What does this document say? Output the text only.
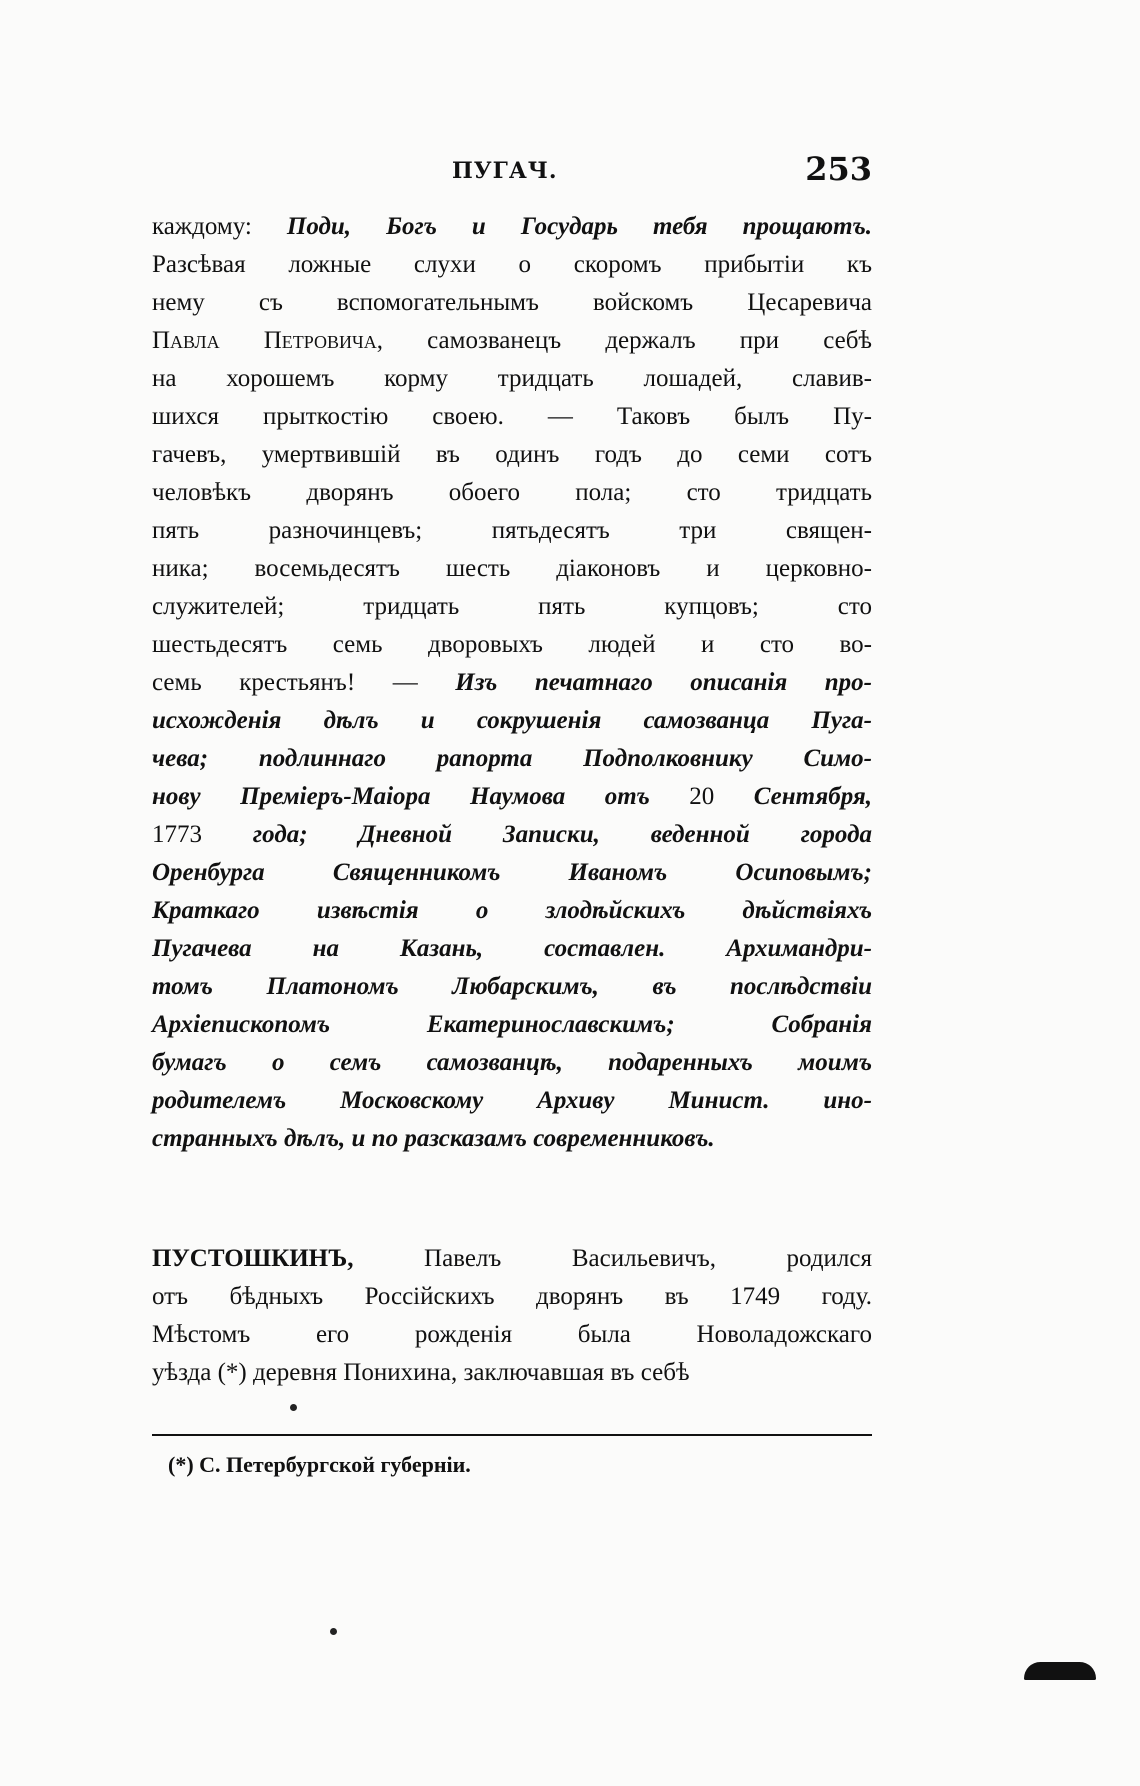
ПУГАЧ.	253
каждому: Поди, Богъ и Государь тебя прощаютъ.
Разсѣвая ложные слухи о скоромъ прибытіи къ
нему съ вспомогательнымъ войскомъ Цесаревича
Павла Петровича, самозванецъ держалъ при себѣ
на хорошемъ корму тридцать лошадей, славив-
шихся прыткостію своею. — Таковъ былъ Пу-
гачевъ, умертвившій въ одинъ годъ до семи сотъ
человѣкъ дворянъ обоего пола; сто тридцать
пять разночинцевъ; пятьдесятъ три священ-
ника; восемьдесятъ шесть діаконовъ и церковно-
служителей; тридцать пять купцовъ; сто
шестьдесятъ семь дворовыхъ людей и сто во-
семь крестьянъ! — Изъ печатнаго описанія про-
исхожденія дѣлъ и сокрушенія самозванца Пуга-
чева; подлиннаго рапорта Подполковнику Симо-
нову Преміеръ-Маіора Наумова отъ 20 Сентября,
1773 года; Дневной Записки, веденной города
Оренбурга Священникомъ Иваномъ Осиповымъ;
Краткаго извѣстія о злодѣйскихъ дѣйствіяхъ
Пугачева на Казань, составлен. Архимандри-
томъ Платономъ Любарскимъ, въ послѣдствіи
Архіепископомъ Екатеринославскимъ; Собранія
бумагъ о семъ самозванцѣ, подаренныхъ моимъ
родителемъ Московскому Архиву Минист. ино-
странныхъ дѣлъ, и по разсказамъ современниковъ.
ПУСТОШКИНЪ, Павелъ Васильевичъ, родился
отъ бѣдныхъ Россійскихъ дворянъ въ 1749 году.
Мѣстомъ его рожденія была Новоладожскаго
уѣзда (*) деревня Понихина, заключавшая въ себѣ
(*) С. Петербургской губерніи.
